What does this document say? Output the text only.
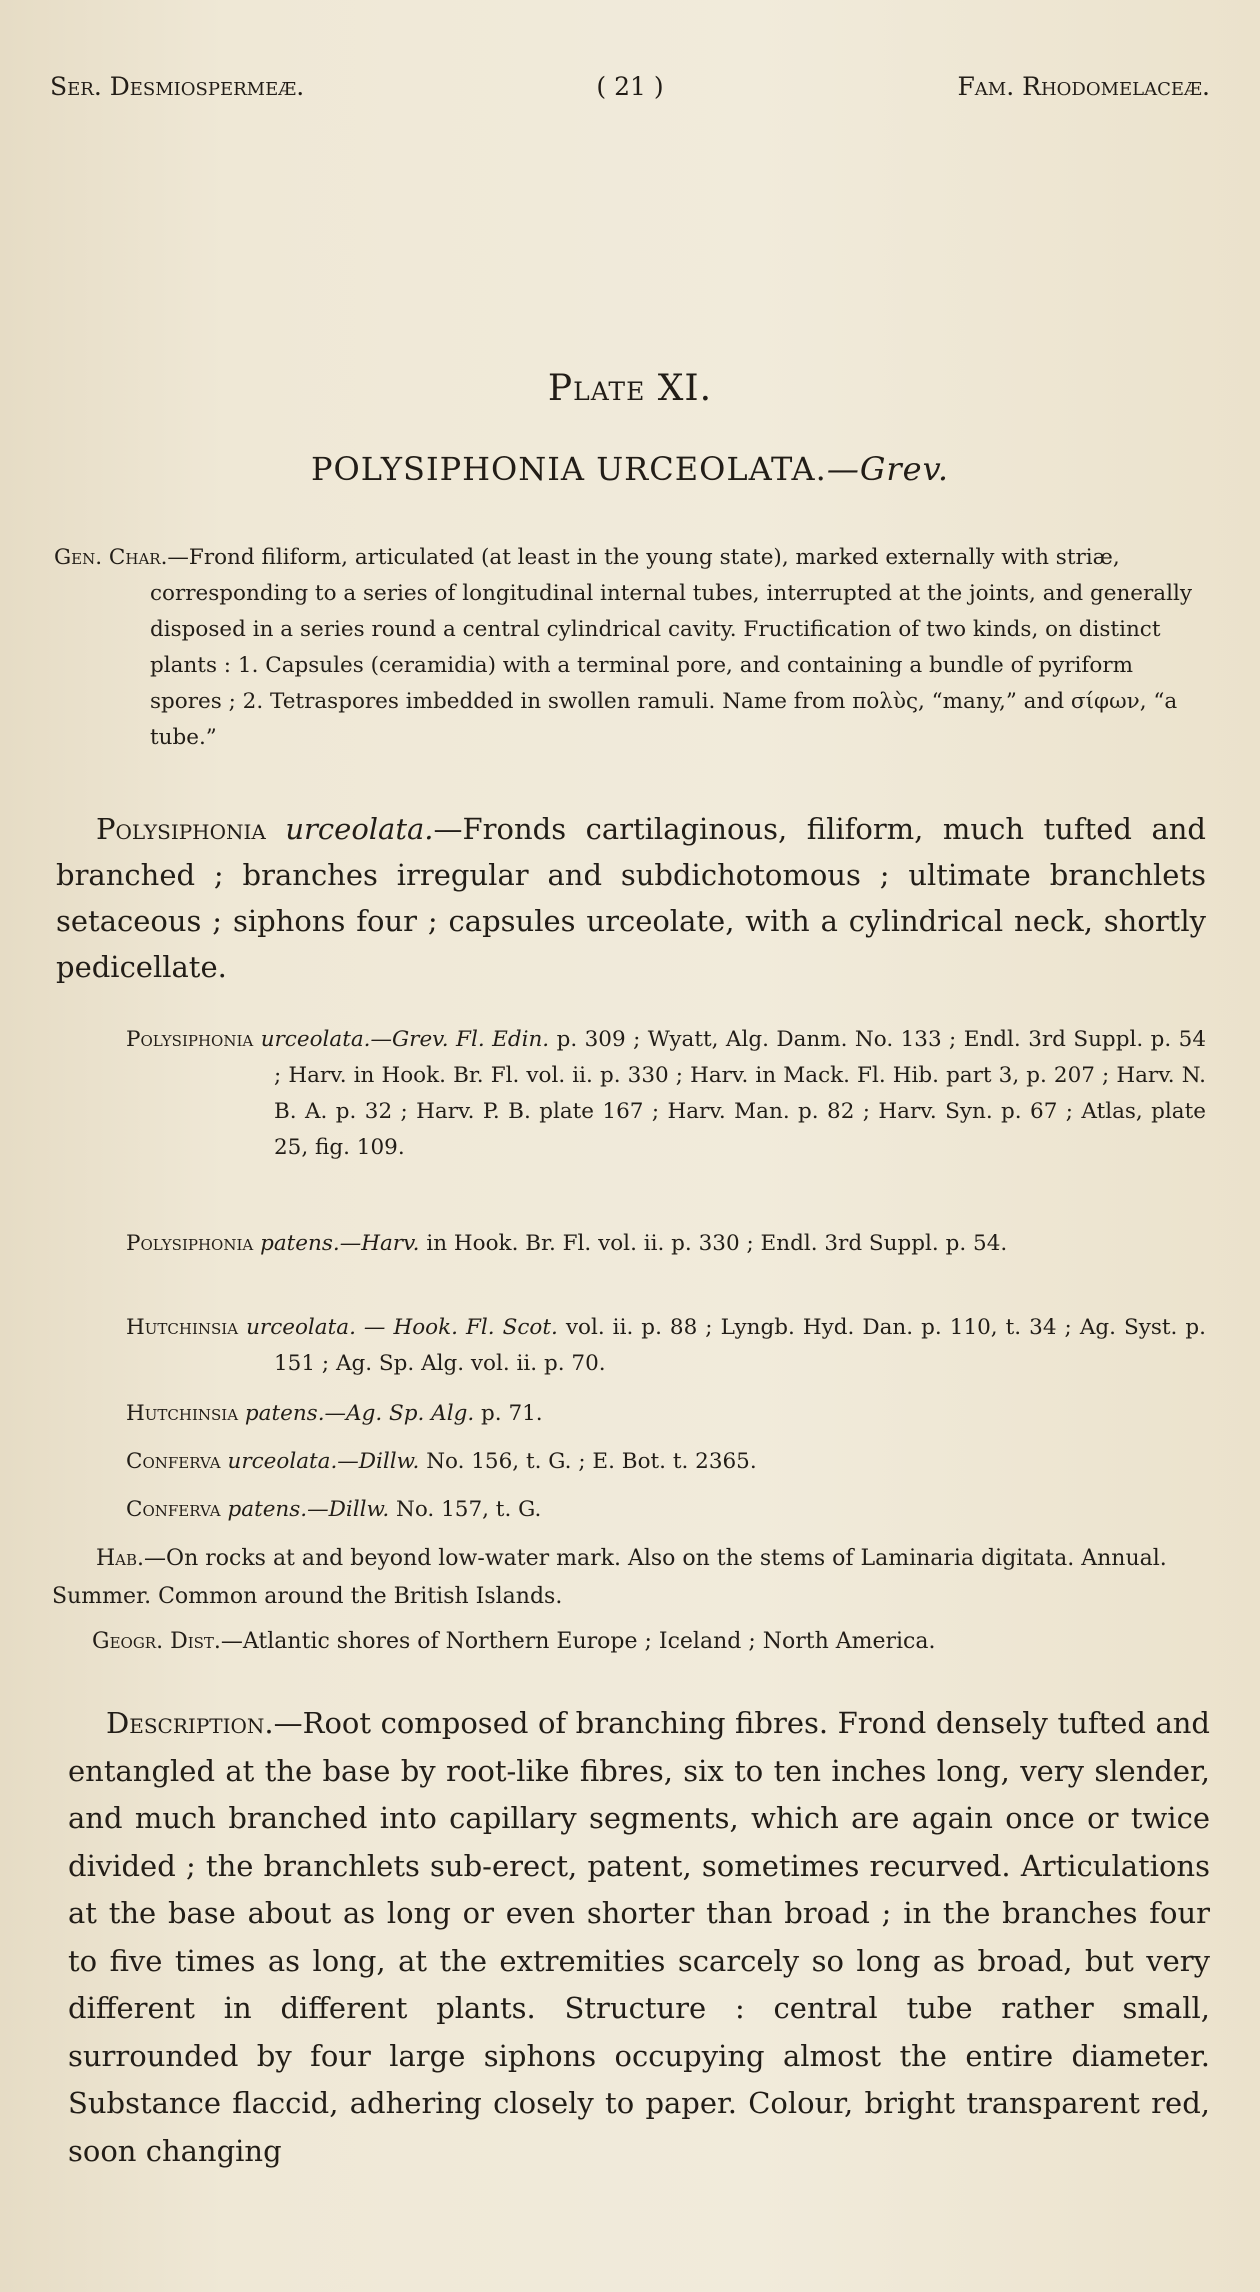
Ser. Desmiospermeæ.	( 21 )	Fam. Rhodomelaceæ.
Plate XI.
POLYSIPHONIA URCEOLATA.—Grev.

Gen. Char.—Frond filiform, articulated (at least in the young state), marked externally with striæ, corresponding to a series of longitudinal internal tubes, interrupted at the joints, and generally disposed in a series round a central cylindrical cavity. Fructification of two kinds, on distinct plants : 1. Capsules (ceramidia) with a terminal pore, and containing a bundle of pyriform spores ; 2. Tetraspores imbedded in swollen ramuli. Name from πολὺς, “many,” and σίφων, “a tube.”

Polysiphonia urceolata.—Fronds cartilaginous, filiform, much tufted and branched ; branches irregular and subdichotomous ; ultimate branchlets setaceous ; siphons four ; capsules urceolate, with a cylindrical neck, shortly pedicellate.

Polysiphonia urceolata.—Grev. Fl. Edin. p. 309 ; Wyatt, Alg. Danm. No. 133 ; Endl. 3rd Suppl. p. 54 ; Harv. in Hook. Br. Fl. vol. ii. p. 330 ; Harv. in Mack. Fl. Hib. part 3, p. 207 ; Harv. N. B. A. p. 32 ; Harv. P. B. plate 167 ; Harv. Man. p. 82 ; Harv. Syn. p. 67 ; Atlas, plate 25, fig. 109.

Polysiphonia patens.—Harv. in Hook. Br. Fl. vol. ii. p. 330 ; Endl. 3rd Suppl. p. 54.

Hutchinsia urceolata. — Hook. Fl. Scot. vol. ii. p. 88 ; Lyngb. Hyd. Dan. p. 110, t. 34 ; Ag. Syst. p. 151 ; Ag. Sp. Alg. vol. ii. p. 70.

Hutchinsia patens.—Ag. Sp. Alg. p. 71.

Conferva urceolata.—Dillw. No. 156, t. G. ; E. Bot. t. 2365.

Conferva patens.—Dillw. No. 157, t. G.

Hab.—On rocks at and beyond low-water mark. Also on the stems of Laminaria digitata. Annual. Summer. Common around the British Islands.

Geogr. Dist.—Atlantic shores of Northern Europe ; Iceland ; North America.

Description.—Root composed of branching fibres. Frond densely tufted and entangled at the base by root-like fibres, six to ten inches long, very slender, and much branched into capillary segments, which are again once or twice divided ; the branchlets sub-erect, patent, sometimes recurved. Articulations at the base about as long or even shorter than broad ; in the branches four to five times as long, at the extremities scarcely so long as broad, but very different in different plants. Structure : central tube rather small, surrounded by four large siphons occupying almost the entire diameter. Substance flaccid, adhering closely to paper. Colour, bright transparent red, soon changing
